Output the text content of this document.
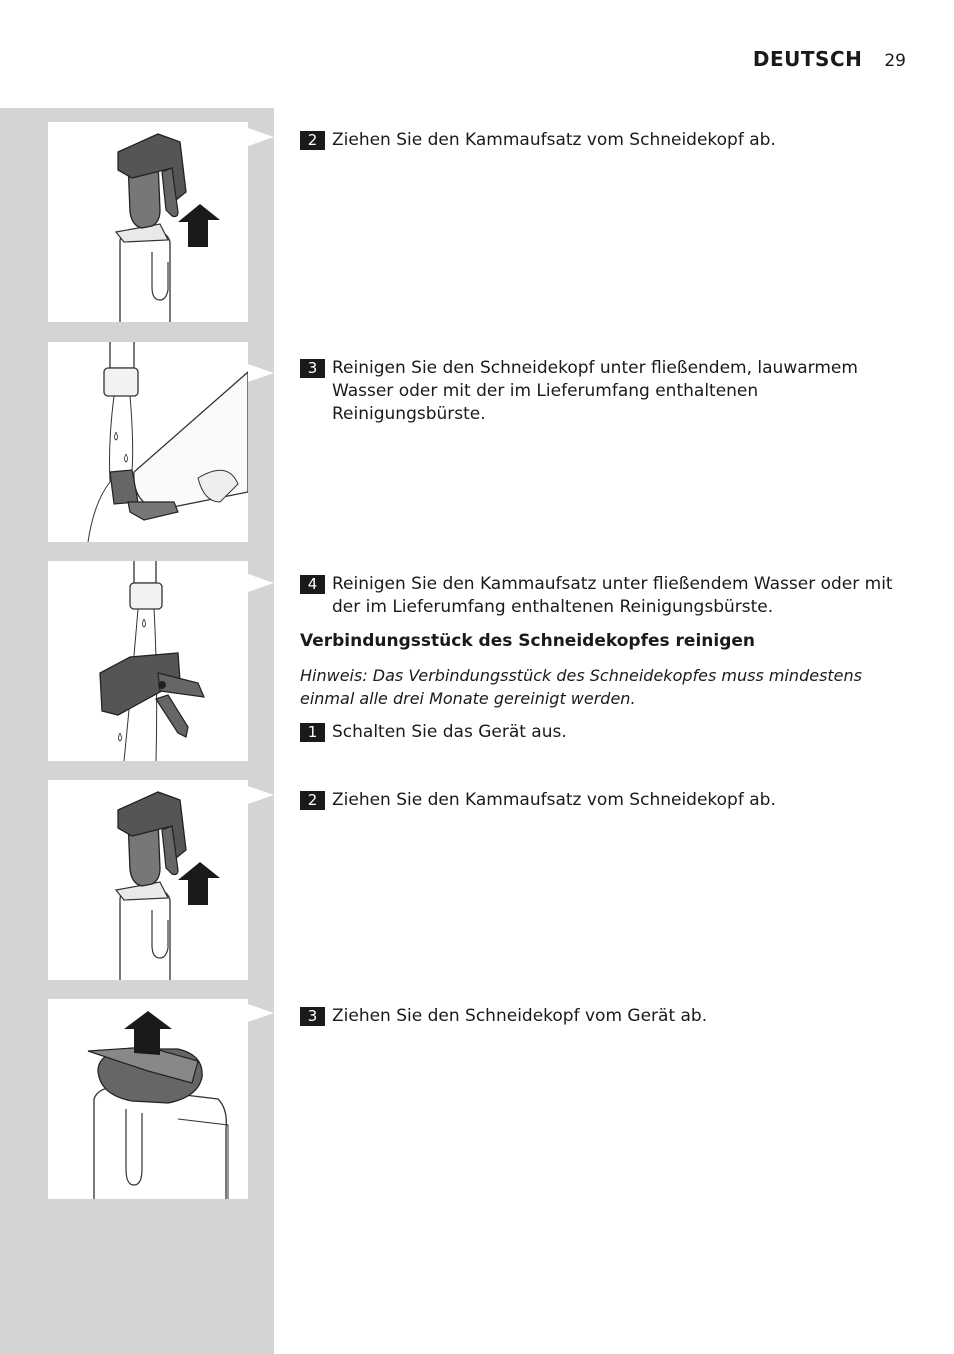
DEUTSCH 29
2 Ziehen Sie den Kammaufsatz vom Schneidekopf ab.
3 Reinigen Sie den Schneidekopf unter fließendem, lauwarmem Wasser oder mit der im Lieferumfang enthaltenen Reinigungsbürste.
4 Reinigen Sie den Kammaufsatz unter fließendem Wasser oder mit der im Lieferumfang enthaltenen Reinigungsbürste.
Verbindungsstück des Schneidekopfes reinigen
Hinweis: Das Verbindungsstück des Schneidekopfes muss mindestens einmal alle drei Monate gereinigt werden.
1 Schalten Sie das Gerät aus.
2 Ziehen Sie den Kammaufsatz vom Schneidekopf ab.
3 Ziehen Sie den Schneidekopf vom Gerät ab.
